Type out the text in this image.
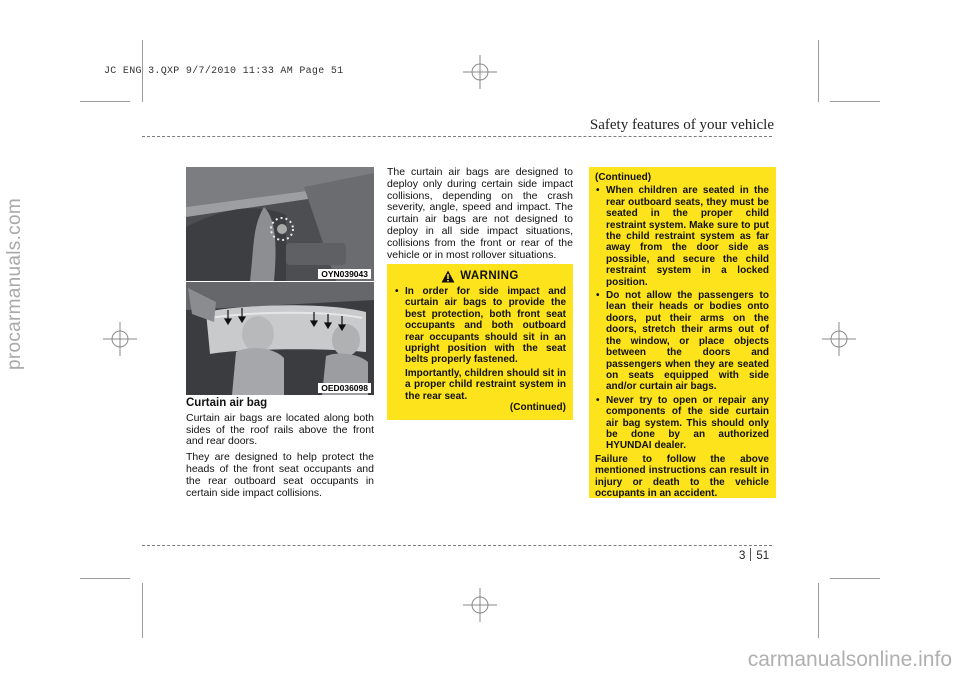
JC ENG 3.QXP 9/7/2010 11:33 AM Page 51
procarmanuals.com
carmanualsonline.info
Safety features of your vehicle
3 51
OYN039043
OED036098
Curtain air bag

Curtain air bags are located along both sides of the roof rails above the front and rear doors.

They are designed to help protect the heads of the front seat occupants and the rear outboard seat occupants in certain side impact collisions.

The curtain air bags are designed to deploy only during certain side impact collisions, depending on the crash severity, angle, speed and impact. The curtain air bags are not designed to deploy in all side impact situations, collisions from the front or rear of the vehicle or in most rollover situations.

WARNING
• In order for side impact and curtain air bags to provide the best protection, both front seat occupants and both outboard rear occupants should sit in an upright position with the seat belts properly fastened.
Importantly, children should sit in a proper child restraint system in the rear seat.
(Continued)
(Continued)
• When children are seated in the rear outboard seats, they must be seated in the proper child restraint system. Make sure to put the child restraint system as far away from the door side as possible, and secure the child restraint system in a locked position.
• Do not allow the passengers to lean their heads or bodies onto doors, put their arms on the doors, stretch their arms out of the window, or place objects between the doors and passengers when they are seated on seats equipped with side and/or curtain air bags.
• Never try to open or repair any components of the side curtain air bag system. This should only be done by an authorized HYUNDAI dealer.
Failure to follow the above mentioned instructions can result in injury or death to the vehicle occupants in an accident.
